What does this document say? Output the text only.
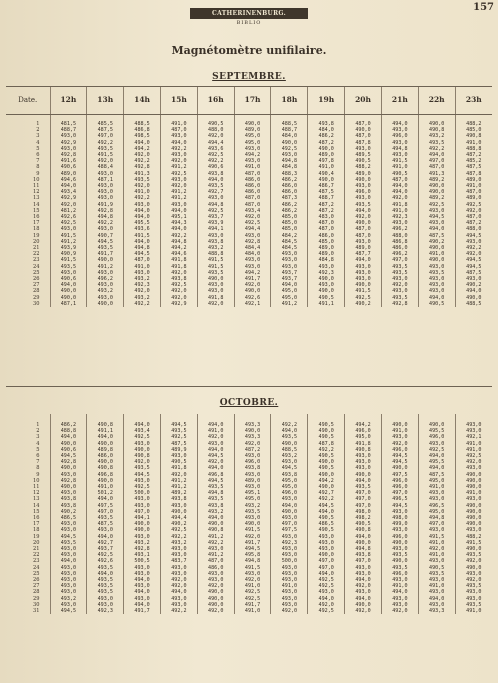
157
CATHERINENBURG.
BIBLIO
Magnétomètre unifilaire.
SEPTEMBRE.
Date.	12h	13h	14h	15h	16h	17h	18h	19h	20h	21h	22h	23h
1	481,5	485,5	488,5	491,0	490,5	490,0	488,5	493,8	487,0	494,0	490,0	488,2
2	488,7	487,5	486,8	487,0	488,0	489,0	488,7	484,0	490,0	493,0	490,8	485,0
3	493,0	497,0	498,5	493,0	492,0	495,0	484,0	486,2	487,0	496,0	493,2	490,8
4	492,9	492,2	494,0	494,0	494,4	495,0	490,0	487,2	487,8	493,0	493,5	491,0
5	493,0	493,5	494,2	492,2	493,6	493,0	492,5	490,0	493,0	494,8	492,2	488,8
6	492,8	491,5	492,0	493,0	492,5	494,2	493,0	489,0	489,5	493,0	494,0	487,2
7	491,6	492,0	492,2	492,0	492,2	493,0	494,8	497,8	490,5	491,5	497,0	485,2
8	490,6	488,4	492,8	491,2	490,6	491,0	484,8	491,0	488,2	491,0	487,0	487,5
9	489,0	493,0	491,3	492,5	493,8	487,0	488,3	490,4	489,0	490,5	491,3	487,8
10	494,6	487,1	493,5	493,0	494,0	486,0	486,2	490,0	490,0	487,0	489,2	489,0
11	494,0	493,0	492,0	492,0	493,5	486,0	486,0	486,7	493,0	494,0	490,0	491,0
12	493,4	493,0	491,0	491,2	492,7	486,0	486,0	487,5	496,0	494,0	490,0	487,0
13	492,9	493,0	492,2	491,2	493,0	487,0	487,3	488,7	493,0	492,0	489,2	489,0
14	492,0	491,9	493,0	493,0	494,8	487,0	486,2	487,2	493,5	491,8	492,5	492,5
15	481,2	492,8	494,0	494,0	492,5	493,4	486,2	487,2	494,0	491,0	493,0	492,0
16	492,6	494,8	494,0	495,1	493,7	492,0	485,0	483,0	492,0	492,3	494,5	487,0
17	492,5	492,2	495,5	494,3	493,9	492,5	485,0	487,0	490,0	493,0	493,0	487,2
18	493,0	493,0	493,6	494,0	494,1	494,4	485,0	487,0	487,0	496,2	494,0	488,0
19	491,5	490,7	491,5	492,2	493,0	493,0	484,2	486,0	487,0	488,0	487,5	494,5
20	491,2	494,5	494,0	494,8	493,8	492,8	484,5	485,0	493,0	486,8	490,2	493,0
21	493,9	493,5	494,8	494,2	493,2	484,4	484,5	489,0	489,0	486,0	490,0	492,2
22	490,9	491,7	494,5	494,6	488,8	484,0	493,0	489,0	487,7	496,2	491,0	492,0
23	491,5	490,0	487,0	491,8	491,5	493,0	493,0	484,8	494,0	497,0	490,0	494,5
24	493,5	491,2	491,0	491,8	491,5	493,0	493,0	493,0	493,0	493,5	493,0	494,5
25	493,0	493,0	493,0	492,0	493,5	494,2	493,7	492,3	493,0	493,5	493,5	487,5
26	490,6	496,2	493,2	493,8	490,0	491,7	493,7	490,0	493,0	493,0	493,0	493,0
27	494,0	493,0	492,3	492,5	493,0	492,0	494,0	493,0	490,0	492,0	493,0	490,2
28	490,0	493,2	492,0	492,0	493,0	490,0	495,0	490,0	491,5	493,0	493,0	494,0
29	490,0	493,0	493,2	492,0	491,8	492,6	495,0	490,5	492,5	493,5	494,0	490,0
30	487,1	490,0	492,2	492,9	492,0	492,1	491,2	491,1	490,2	492,8	490,5	488,5
OCTOBRE.
1	486,2	490,8	494,0	494,5	494,0	493,3	492,2	490,5	494,2	490,0	490,0	493,0
2	488,8	491,1	493,4	493,5	491,0	490,0	494,0	490,0	496,0	491,0	495,5	493,0
3	494,0	494,0	492,5	492,5	492,0	493,3	493,5	490,5	495,0	493,0	496,0	492,1
4	490,0	490,0	493,0	487,5	493,0	492,0	490,0	487,8	491,8	492,0	493,0	491,0
5	490,6	489,8	490,0	489,9	494,0	487,2	488,5	492,2	490,8	496,0	492,5	491,0
6	494,5	486,0	490,8	493,0	494,5	493,0	493,2	490,5	493,0	494,5	494,0	492,5
7	492,8	490,0	492,0	490,5	492,0	496,0	493,0	490,0	493,0	494,5	495,5	492,0
8	490,0	490,8	493,5	491,8	494,0	493,8	494,5	490,5	493,0	490,0	494,0	493,0
9	493,0	496,8	494,5	492,0	496,8	493,0	493,8	490,0	490,0	497,5	487,5	490,0
10	492,8	490,0	493,0	491,2	494,5	489,0	495,0	494,2	494,0	496,0	495,0	490,0
11	490,0	491,0	492,5	491,2	493,5	493,0	495,0	490,0	493,5	496,0	491,0	490,0
12	493,0	501,2	500,0	489,2	494,8	495,1	496,0	492,7	497,0	497,0	493,0	491,0
13	493,8	494,0	493,0	493,8	493,5	495,0	493,0	492,2	497,0	496,5	493,0	493,0
14	493,8	497,5	493,0	493,0	493,8	493,2	494,0	494,5	497,0	494,5	496,5	490,0
15	490,2	497,0	497,0	490,0	493,2	493,5	490,0	494,0	498,0	493,0	495,0	490,0
16	486,5	493,5	494,1	494,4	494,0	493,0	493,0	490,5	498,2	498,0	494,8	490,0
17	493,0	487,5	490,0	490,2	490,0	490,0	497,0	486,5	490,5	499,0	497,0	490,0
18	493,0	493,0	490,0	492,5	490,8	491,5	497,5	490,5	490,8	493,0	493,0	493,0
19	494,5	494,0	493,0	492,2	491,2	492,0	493,0	493,0	494,0	496,0	491,5	488,2
20	493,5	492,7	493,2	493,2	492,2	491,7	492,3	493,0	490,0	490,0	491,0	491,5
21	493,0	493,7	492,8	493,0	493,0	494,5	493,0	493,0	494,8	493,0	492,0	490,0
22	493,0	492,5	493,1	493,0	491,2	495,8	493,0	490,0	493,8	493,5	491,0	493,5
23	494,0	492,6	500,5	483,7	487,0	494,8	500,0	497,0	497,0	490,0	493,0	492,0
24	493,0	493,5	493,0	493,0	486,0	491,5	493,0	497,0	493,0	493,5	490,5	490,0
25	493,0	494,0	493,0	493,0	493,0	493,0	493,0	494,0	493,0	496,0	493,5	493,0
26	493,0	493,5	494,0	492,0	493,0	492,0	493,0	492,5	494,0	493,0	493,0	492,0
27	493,0	493,5	493,0	492,0	492,0	491,0	491,0	492,5	492,0	491,0	491,0	493,5
28	493,0	493,5	494,0	494,0	490,0	492,5	493,0	493,0	493,0	494,0	493,0	493,0
29	493,2	493,0	493,0	493,0	490,0	492,5	493,0	494,0	494,0	493,0	494,0	493,0
30	493,0	493,0	494,0	493,0	490,0	491,7	493,0	492,0	490,0	493,0	493,0	493,5
31	494,5	492,3	491,7	492,2	492,0	491,0	492,0	492,5	492,0	492,0	493,3	491,0
